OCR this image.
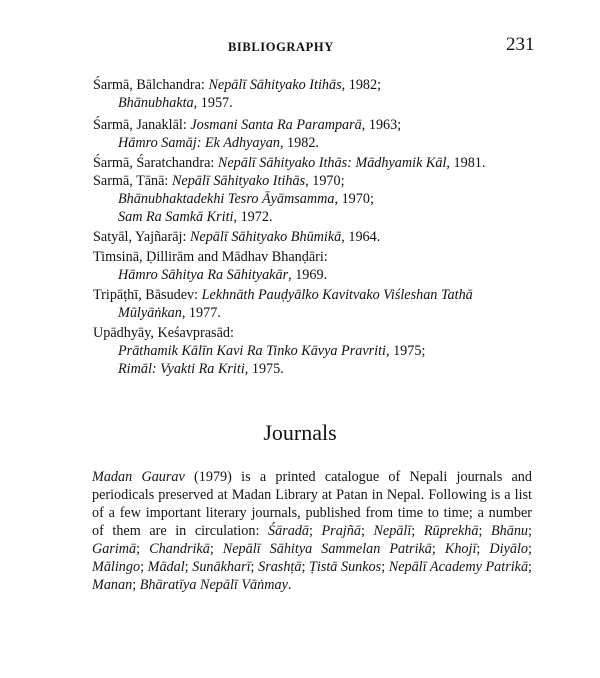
BIBLIOGRAPHY	231
Śarmā, Bālchandra: Nepālī Sāhityako Itihās, 1982;
Bhānubhakta, 1957.
Śarmā, Janaklāl: Josmani Santa Ra Paramparā, 1963;
Hāmro Samāj: Ek Adhyayan, 1982.
Śarmā, Śaratchandra: Nepālī Sāhityako Ithās: Mādhyamik Kāl, 1981.
Sarmā, Tānā: Nepālī Sāhityako Itihās, 1970;
Bhānubhaktadekhi Tesro Āyāmsamma, 1970;
Sam Ra Samkā Kriti, 1972.
Satyāl, Yajñarāj: Nepālī Sāhityako Bhūmikā, 1964.
Timsinā, Ḍillirām and Mādhav Bhanḍāri:
Hāmro Sāhitya Ra Sāhityakār, 1969.
Tripāṭhī, Bāsudev: Lekhnāth Pauḍyālko Kavitvako Viśleshan Tathā
Mūlyāṅkan, 1977.
Upādhyāy, Keśavprasād:
Prāthamik Kālīn Kavi Ra Tinko Kāvya Pravriti, 1975;
Rimāl: Vyakti Ra Kriti, 1975.
Journals
Madan Gaurav (1979) is a printed catalogue of Nepali journals and periodicals preserved at Madan Library at Patan in Nepal. Following is a list of a few important literary journals, published from time to time; a number of them are in circulation: Śāradā; Prajñā; Nepālī; Rūprekhā; Bhānu; Garimā; Chandrikā; Nepālī Sāhitya Sammelan Patrikā; Khojī; Diyālo; Mālingo; Mādal; Sunākharī; Srashṭā; Ṭistā Sunkos; Nepālī Academy Patrikā; Manan; Bhāratīya Nepālī Vāṅmay.
